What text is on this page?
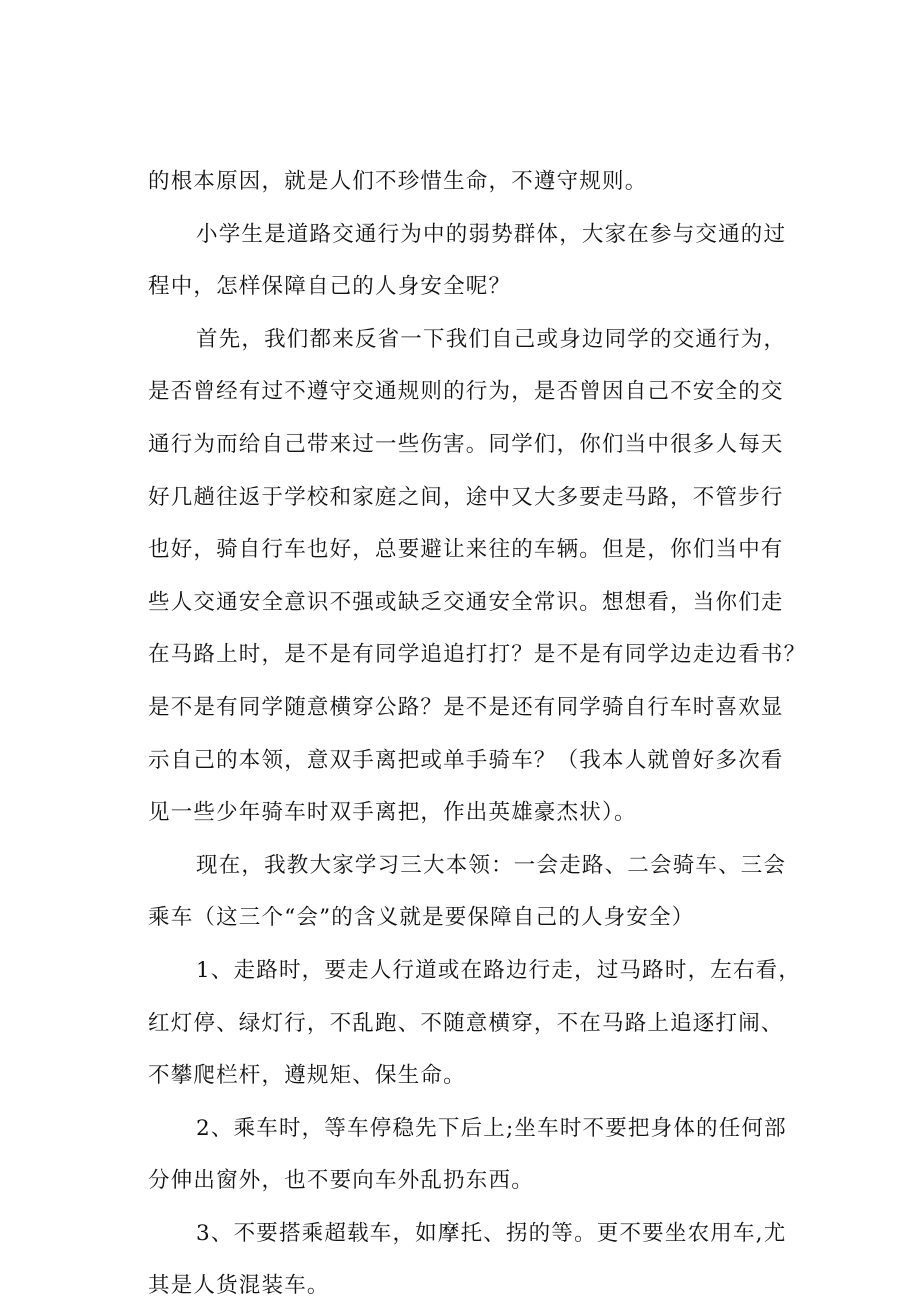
的根本原因，就是人们不珍惜生命，不遵守规则。
小学生是道路交通行为中的弱势群体，大家在参与交通的过
程中，怎样保障自己的人身安全呢？
首先，我们都来反省一下我们自己或身边同学的交通行为，
是否曾经有过不遵守交通规则的行为，是否曾因自己不安全的交
通行为而给自己带来过一些伤害。同学们，你们当中很多人每天
好几趟往返于学校和家庭之间，途中又大多要走马路，不管步行
也好，骑自行车也好，总要避让来往的车辆。但是，你们当中有
些人交通安全意识不强或缺乏交通安全常识。想想看，当你们走
在马路上时，是不是有同学追追打打？是不是有同学边走边看书？
是不是有同学随意横穿公路？是不是还有同学骑自行车时喜欢显
示自己的本领，意双手离把或单手骑车？（我本人就曾好多次看
见一些少年骑车时双手离把，作出英雄豪杰状）。
现在，我教大家学习三大本领：一会走路、二会骑车、三会
乘车（这三个“会”的含义就是要保障自己的人身安全）
1、走路时，要走人行道或在路边行走，过马路时，左右看，
红灯停、绿灯行，不乱跑、不随意横穿，不在马路上追逐打闹、
不攀爬栏杆，遵规矩、保生命。
2、乘车时，等车停稳先下后上;坐车时不要把身体的任何部
分伸出窗外，也不要向车外乱扔东西。
3、不要搭乘超载车，如摩托、拐的等。更不要坐农用车,尤
其是人货混装车。
